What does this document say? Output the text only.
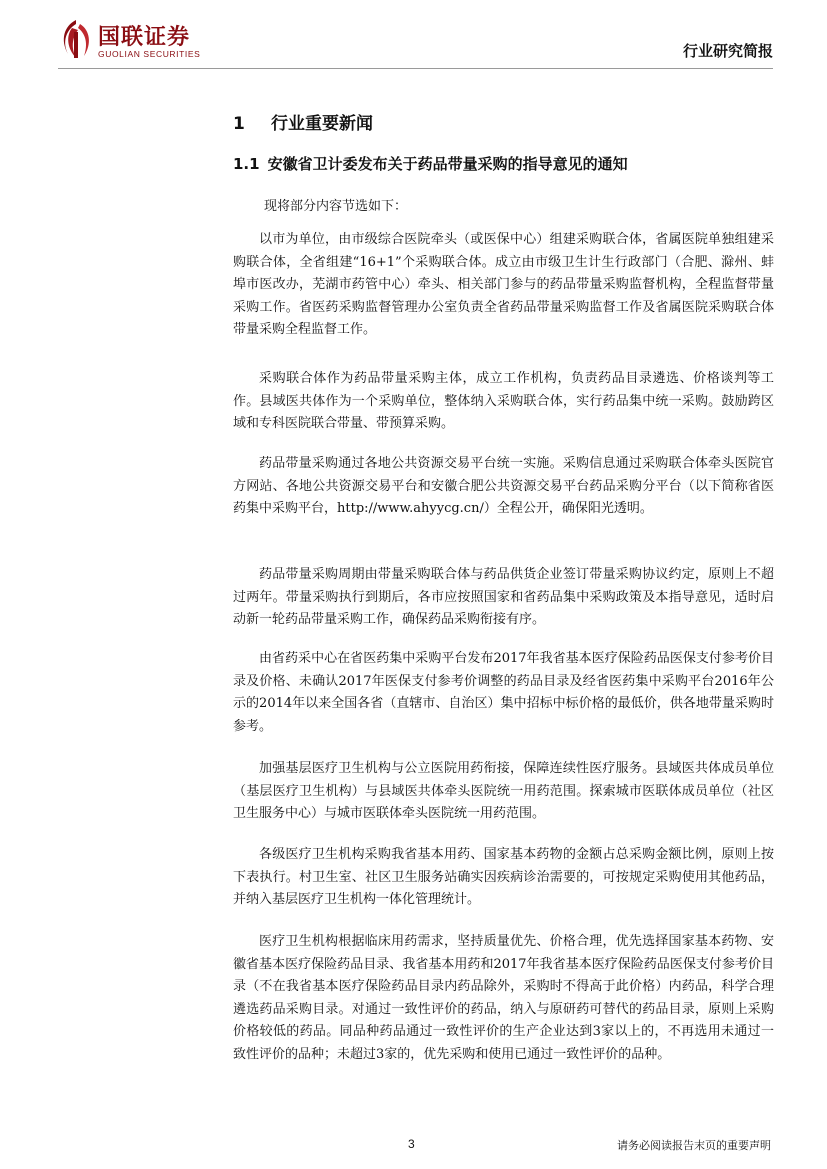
国联证券
GUOLIAN SECURITIES	行业研究简报
1 行业重要新闻
1.1 安徽省卫计委发布关于药品带量采购的指导意见的通知
现将部分内容节选如下：
以市为单位，由市级综合医院牵头（或医保中心）组建采购联合体，省属医院单独组建采购联合体，全省组建“16+1”个采购联合体。成立由市级卫生计生行政部门（合肥、滁州、蚌埠市医改办，芜湖市药管中心）牵头、相关部门参与的药品带量采购监督机构，全程监督带量采购工作。省医药采购监督管理办公室负责全省药品带量采购监督工作及省属医院采购联合体带量采购全程监督工作。
采购联合体作为药品带量采购主体，成立工作机构，负责药品目录遴选、价格谈判等工作。县域医共体作为一个采购单位，整体纳入采购联合体，实行药品集中统一采购。鼓励跨区域和专科医院联合带量、带预算采购。
药品带量采购通过各地公共资源交易平台统一实施。采购信息通过采购联合体牵头医院官方网站、各地公共资源交易平台和安徽合肥公共资源交易平台药品采购分平台（以下简称省医药集中采购平台，http://www.ahyycg.cn/）全程公开，确保阳光透明。
药品带量采购周期由带量采购联合体与药品供货企业签订带量采购协议约定，原则上不超过两年。带量采购执行到期后，各市应按照国家和省药品集中采购政策及本指导意见，适时启动新一轮药品带量采购工作，确保药品采购衔接有序。
由省药采中心在省医药集中采购平台发布2017年我省基本医疗保险药品医保支付参考价目录及价格、未确认2017年医保支付参考价调整的药品目录及经省医药集中采购平台2016年公示的2014年以来全国各省（直辖市、自治区）集中招标中标价格的最低价，供各地带量采购时参考。
加强基层医疗卫生机构与公立医院用药衔接，保障连续性医疗服务。县域医共体成员单位（基层医疗卫生机构）与县域医共体牵头医院统一用药范围。探索城市医联体成员单位（社区卫生服务中心）与城市医联体牵头医院统一用药范围。
各级医疗卫生机构采购我省基本用药、国家基本药物的金额占总采购金额比例，原则上按下表执行。村卫生室、社区卫生服务站确实因疾病诊治需要的，可按规定采购使用其他药品，并纳入基层医疗卫生机构一体化管理统计。
医疗卫生机构根据临床用药需求，坚持质量优先、价格合理，优先选择国家基本药物、安徽省基本医疗保险药品目录、我省基本用药和2017年我省基本医疗保险药品医保支付参考价目录（不在我省基本医疗保险药品目录内药品除外，采购时不得高于此价格）内药品，科学合理遴选药品采购目录。对通过一致性评价的药品，纳入与原研药可替代的药品目录，原则上采购价格较低的药品。同品种药品通过一致性评价的生产企业达到3家以上的，不再选用未通过一致性评价的品种；未超过3家的，优先采购和使用已通过一致性评价的品种。
3	请务必阅读报告末页的重要声明
